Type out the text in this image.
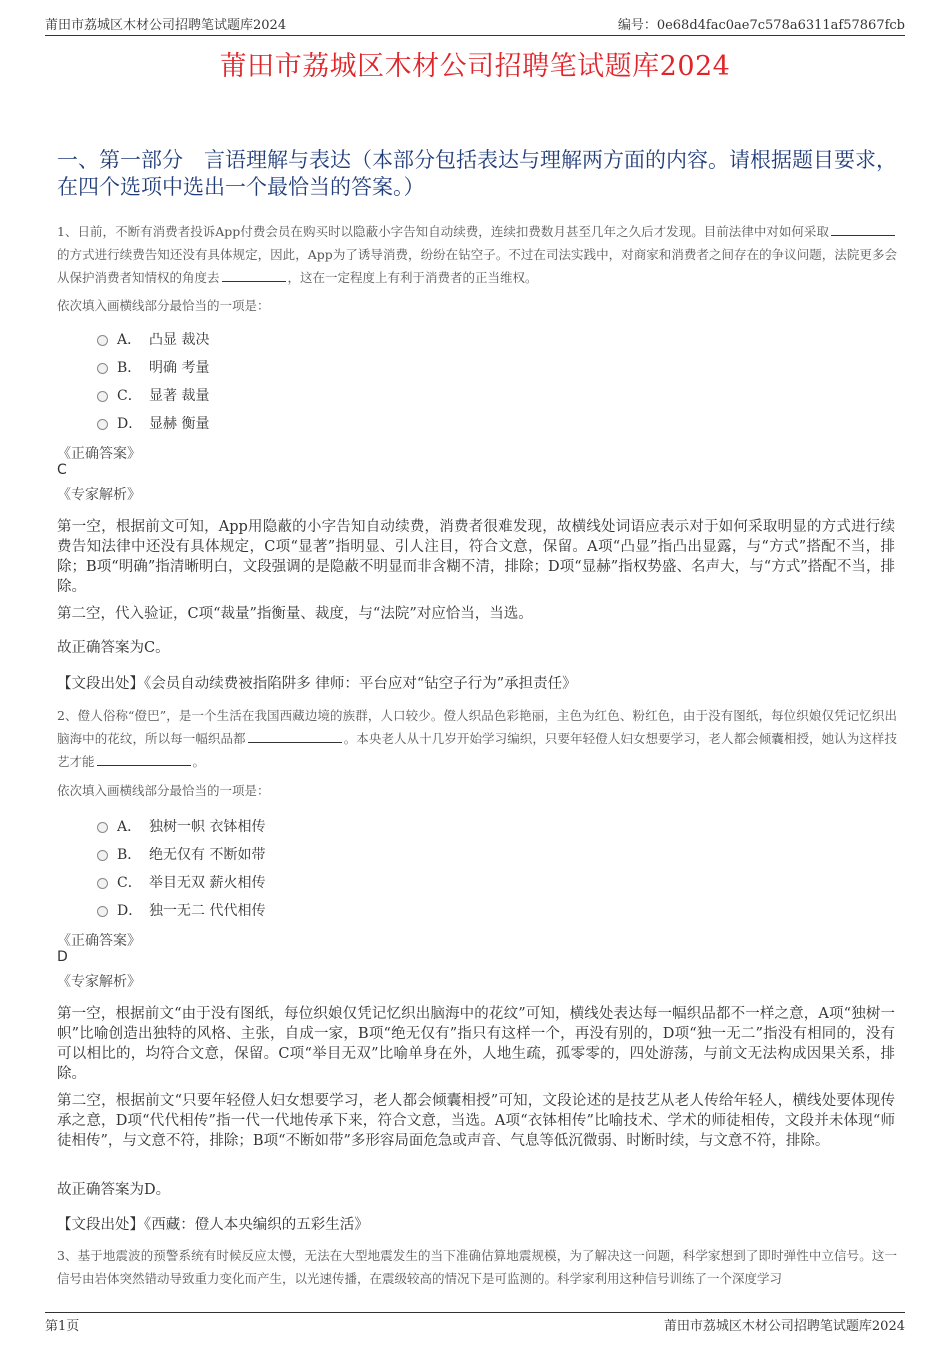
莆田市荔城区木材公司招聘笔试题库2024	编号：0e68d4fac0ae7c578a6311af57867fcb
莆田市荔城区木材公司招聘笔试题库2024
一、第一部分　言语理解与表达（本部分包括表达与理解两方面的内容。请根据题目要求，在四个选项中选出一个最恰当的答案。）
1、日前，不断有消费者投诉App付费会员在购买时以隐蔽小字告知自动续费，连续扣费数月甚至几年之久后才发现。目前法律中对如何采取的方式进行续费告知还没有具体规定，因此，App为了诱导消费，纷纷在钻空子。不过在司法实践中，对商家和消费者之间存在的争议问题，法院更多会从保护消费者知情权的角度去	，这在一定程度上有利于消费者的正当维权。
依次填入画横线部分最恰当的一项是：
A． 凸显 裁决
B． 明确 考量
C． 显著 裁量
D． 显赫 衡量
《正确答案》
C
《专家解析》
第一空，根据前文可知，App用隐蔽的小字告知自动续费，消费者很难发现，故横线处词语应表示对于如何采取明显的方式进行续费告知法律中还没有具体规定，C项“显著”指明显、引人注目，符合文意，保留。A项“凸显”指凸出显露，与“方式”搭配不当，排除；B项“明确”指清晰明白，文段强调的是隐蔽不明显而非含糊不清，排除；D项“显赫”指权势盛、名声大，与“方式”搭配不当，排除。
第二空，代入验证，C项“裁量”指衡量、裁度，与“法院”对应恰当，当选。
故正确答案为C。
【文段出处】《会员自动续费被指陷阱多 律师：平台应对“钻空子行为”承担责任》
2、僜人俗称“僜巴”，是一个生活在我国西藏边境的族群，人口较少。僜人织品色彩艳丽，主色为红色、粉红色，由于没有图纸，每位织娘仅凭记忆织出脑海中的花纹，所以每一幅织品都	。本央老人从十几岁开始学习编织，只要年轻僜人妇女想要学习，老人都会倾囊相授，她认为这样技艺才能	。
依次填入画横线部分最恰当的一项是：
A． 独树一帜 衣钵相传
B． 绝无仅有 不断如带
C． 举目无双 薪火相传
D． 独一无二 代代相传
《正确答案》
D
《专家解析》
第一空，根据前文“由于没有图纸，每位织娘仅凭记忆织出脑海中的花纹”可知，横线处表达每一幅织品都不一样之意，A项“独树一帜”比喻创造出独特的风格、主张，自成一家，B项“绝无仅有”指只有这样一个，再没有别的，D项“独一无二”指没有相同的，没有可以相比的，均符合文意，保留。C项“举目无双”比喻单身在外，人地生疏，孤零零的，四处游荡，与前文无法构成因果关系，排除。
第二空，根据前文“只要年轻僜人妇女想要学习，老人都会倾囊相授”可知，文段论述的是技艺从老人传给年轻人，横线处要体现传承之意，D项“代代相传”指一代一代地传承下来，符合文意，当选。A项“衣钵相传”比喻技术、学术的师徒相传，文段并未体现“师徒相传”，与文意不符，排除；B项“不断如带”多形容局面危急或声音、气息等低沉微弱、时断时续，与文意不符，排除。
故正确答案为D。
【文段出处】《西藏：僜人本央编织的五彩生活》
3、基于地震波的预警系统有时候反应太慢，无法在大型地震发生的当下准确估算地震规模，为了解决这一问题，科学家想到了即时弹性中立信号。这一信号由岩体突然错动导致重力变化而产生，以光速传播，在震级较高的情况下是可监测的。科学家利用这种信号训练了一个深度学习
第1页	莆田市荔城区木材公司招聘笔试题库2024
